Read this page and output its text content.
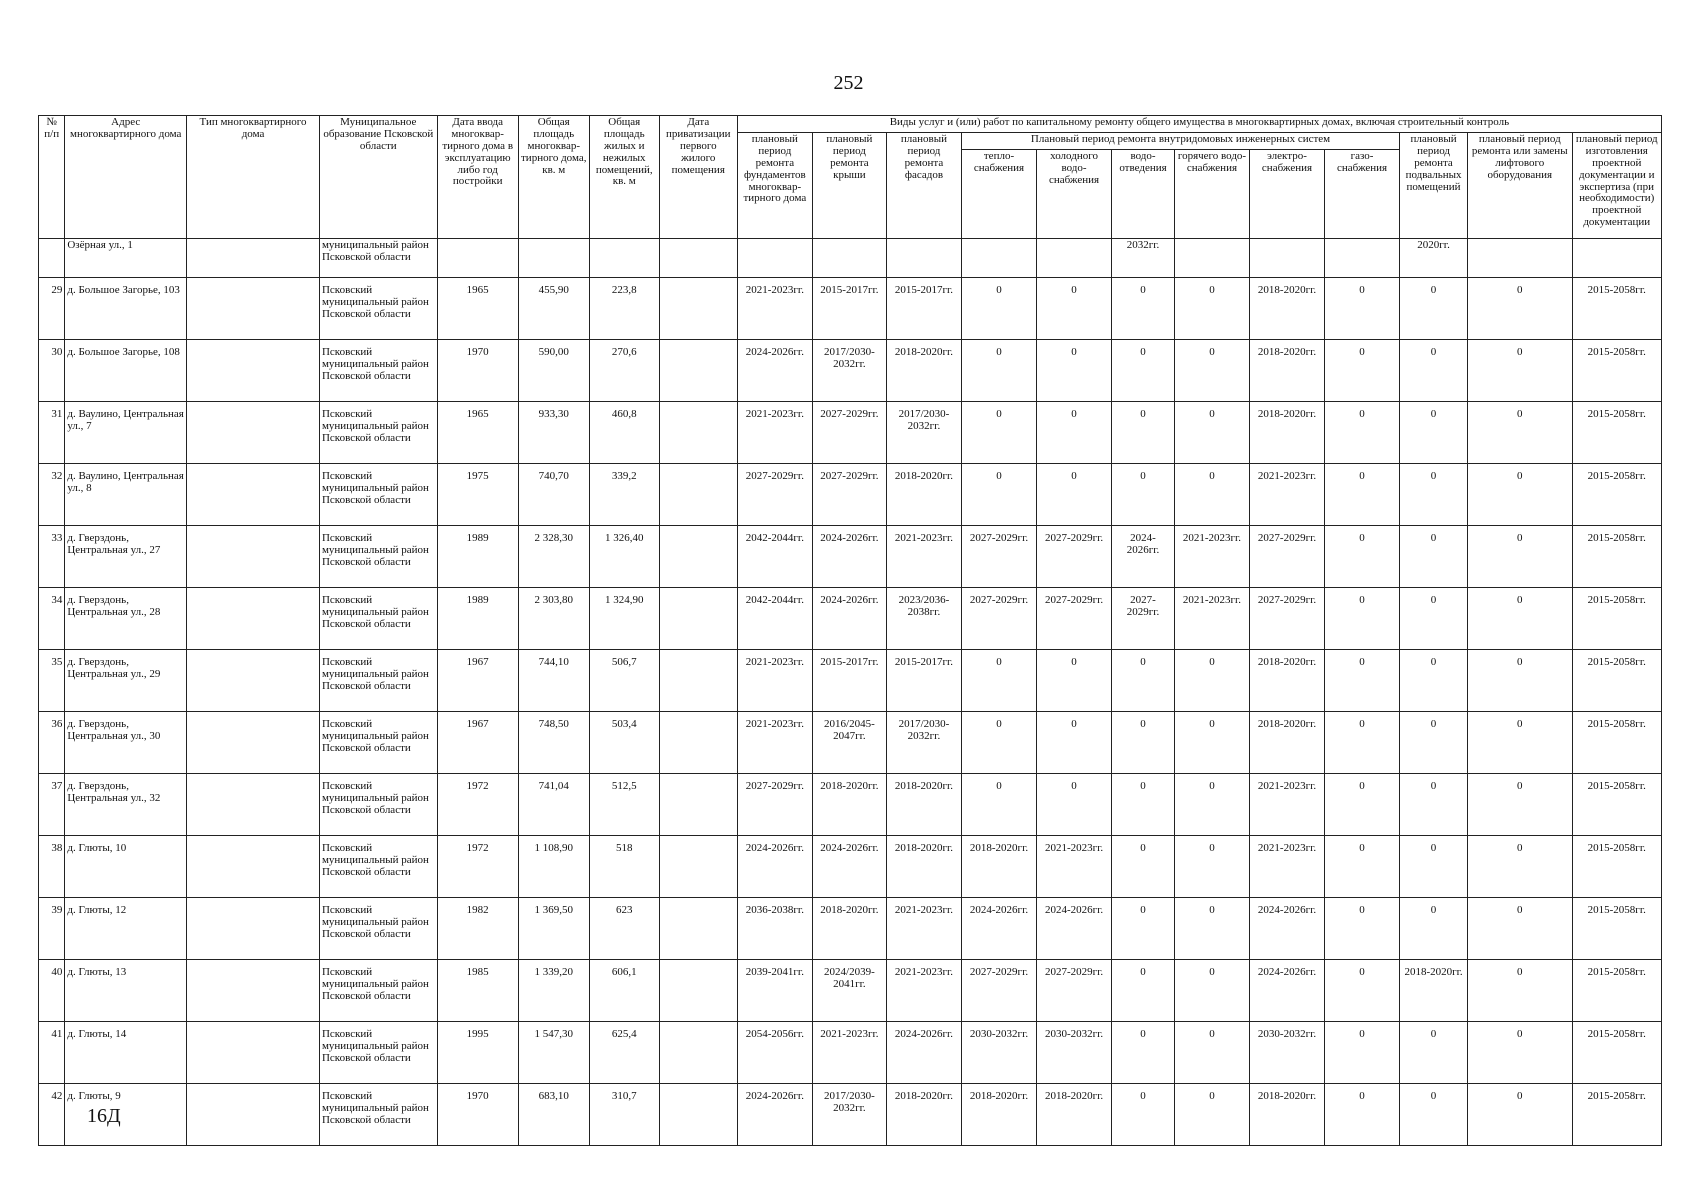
252
№ п/п	Адрес многоквартирного дома	Тип многоквартирного дома	Муниципальное образование Псковской области	Дата ввода многоквар-тирного дома в эксплуатацию либо год постройки	Общая площадь многоквар-тирного дома, кв. м	Общая площадь жилых и нежилых помещений, кв. м	Дата приватизации первого жилого помещения	Виды услуг и (или) работ по капитальному ремонту общего имущества в многоквартирных домах, включая строительный контроль											
								плановый период ремонта фундаментов многоквар-тирного дома	плановый период ремонта крыши	плановый период ремонта фасадов	Плановый период ремонта внутридомовых инженерных систем						плановый период ремонта подвальных помещений	плановый период ремонта или замены лифтового оборудования	плановый период изготовления проектной документации и экспертиза (при необходимости) проектной документации
											тепло-снабжения	холодного водо-снабжения	водо-отведения	горячего водо-снабжения	электро-снабжения	газо-снабжения			
	Озёрная ул., 1		муниципальный район Псковской области										2032гг.				2020гг.		
29	д. Большое Загорье, 103		Псковский муниципальный район Псковской области	1965	455,90	223,8		2021-2023гг.	2015-2017гг.	2015-2017гг.	0	0	0	0	2018-2020гг.	0	0	0	2015-2058гг.
30	д. Большое Загорье, 108		Псковский муниципальный район Псковской области	1970	590,00	270,6		2024-2026гг.	2017/2030-2032гг.	2018-2020гг.	0	0	0	0	2018-2020гг.	0	0	0	2015-2058гг.
31	д. Ваулино, Центральная ул., 7		Псковский муниципальный район Псковской области	1965	933,30	460,8		2021-2023гг.	2027-2029гг.	2017/2030-2032гг.	0	0	0	0	2018-2020гг.	0	0	0	2015-2058гг.
32	д. Ваулино, Центральная ул., 8		Псковский муниципальный район Псковской области	1975	740,70	339,2		2027-2029гг.	2027-2029гг.	2018-2020гг.	0	0	0	0	2021-2023гг.	0	0	0	2015-2058гг.
33	д. Гверздонь, Центральная ул., 27		Псковский муниципальный район Псковской области	1989	2 328,30	1 326,40		2042-2044гг.	2024-2026гг.	2021-2023гг.	2027-2029гг.	2027-2029гг.	2024-2026гг.	2021-2023гг.	2027-2029гг.	0	0	0	2015-2058гг.
34	д. Гверздонь, Центральная ул., 28		Псковский муниципальный район Псковской области	1989	2 303,80	1 324,90		2042-2044гг.	2024-2026гг.	2023/2036-2038гг.	2027-2029гг.	2027-2029гг.	2027-2029гг.	2021-2023гг.	2027-2029гг.	0	0	0	2015-2058гг.
35	д. Гверздонь, Центральная ул., 29		Псковский муниципальный район Псковской области	1967	744,10	506,7		2021-2023гг.	2015-2017гг.	2015-2017гг.	0	0	0	0	2018-2020гг.	0	0	0	2015-2058гг.
36	д. Гверздонь, Центральная ул., 30		Псковский муниципальный район Псковской области	1967	748,50	503,4		2021-2023гг.	2016/2045-2047гг.	2017/2030-2032гг.	0	0	0	0	2018-2020гг.	0	0	0	2015-2058гг.
37	д. Гверздонь, Центральная ул., 32		Псковский муниципальный район Псковской области	1972	741,04	512,5		2027-2029гг.	2018-2020гг.	2018-2020гг.	0	0	0	0	2021-2023гг.	0	0	0	2015-2058гг.
38	д. Глюты, 10		Псковский муниципальный район Псковской области	1972	1 108,90	518		2024-2026гг.	2024-2026гг.	2018-2020гг.	2018-2020гг.	2021-2023гг.	0	0	2021-2023гг.	0	0	0	2015-2058гг.
39	д. Глюты, 12		Псковский муниципальный район Псковской области	1982	1 369,50	623		2036-2038гг.	2018-2020гг.	2021-2023гг.	2024-2026гг.	2024-2026гг.	0	0	2024-2026гг.	0	0	0	2015-2058гг.
40	д. Глюты, 13		Псковский муниципальный район Псковской области	1985	1 339,20	606,1		2039-2041гг.	2024/2039-2041гг.	2021-2023гг.	2027-2029гг.	2027-2029гг.	0	0	2024-2026гг.	0	2018-2020гг.	0	2015-2058гг.
41	д. Глюты, 14		Псковский муниципальный район Псковской области	1995	1 547,30	625,4		2054-2056гг.	2021-2023гг.	2024-2026гг.	2030-2032гг.	2030-2032гг.	0	0	2030-2032гг.	0	0	0	2015-2058гг.
42	д. Глюты, 9		Псковский муниципальный район Псковской области	1970	683,10	310,7		2024-2026гг.	2017/2030-2032гг.	2018-2020гг.	2018-2020гг.	2018-2020гг.	0	0	2018-2020гг.	0	0	0	2015-2058гг.
16Д
